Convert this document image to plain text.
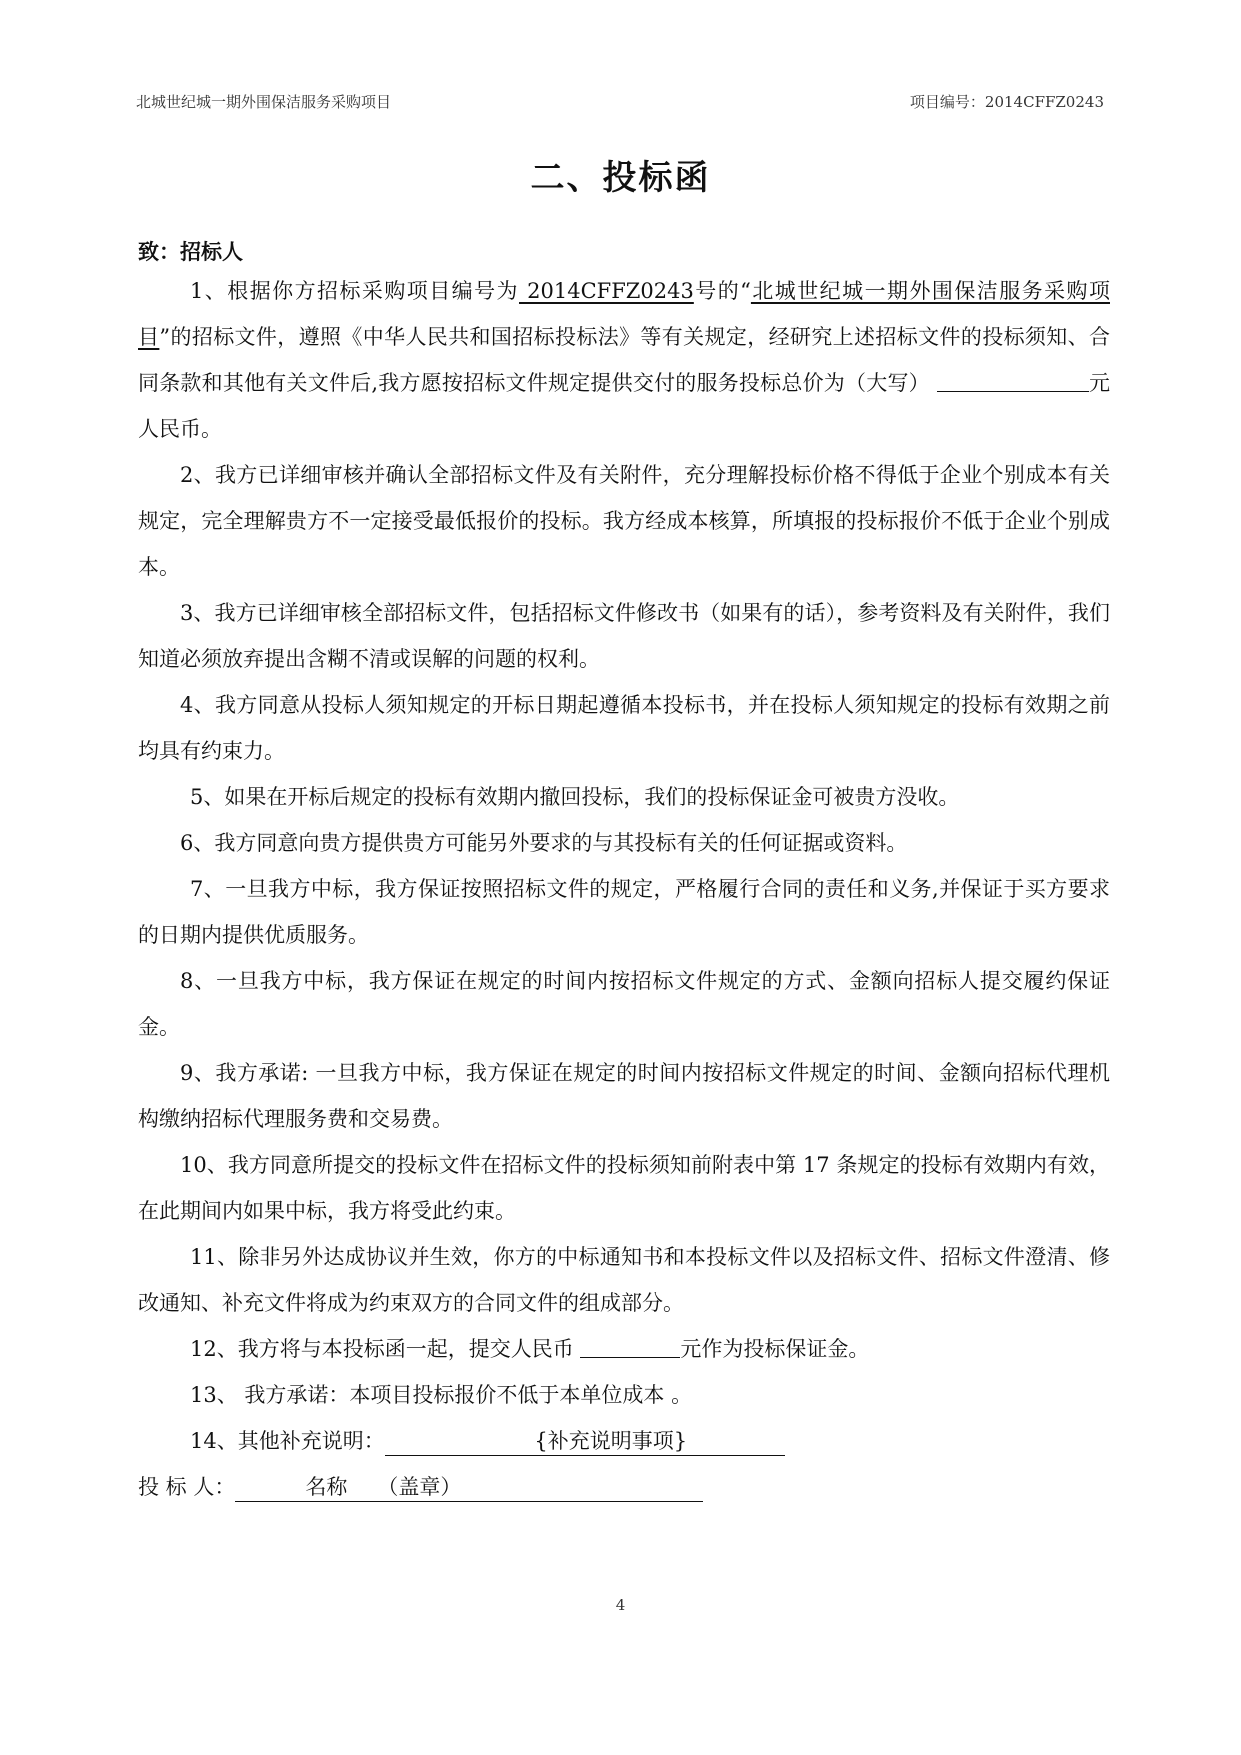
北城世纪城一期外围保洁服务采购项目	项目编号：2014CFFZ0243
二、投标函
致：招标人

1、根据你方招标采购项目编号为 2014CFFZ0243号的“北城世纪城一期外围保洁服务采购项目”的招标文件，遵照《中华人民共和国招标投标法》等有关规定，经研究上述招标文件的投标须知、合同条款和其他有关文件后,我方愿按招标文件规定提供交付的服务投标总价为（大写）	元人民币。

2、我方已详细审核并确认全部招标文件及有关附件，充分理解投标价格不得低于企业个别成本有关规定，完全理解贵方不一定接受最低报价的投标。我方经成本核算，所填报的投标报价不低于企业个别成本。

3、我方已详细审核全部招标文件，包括招标文件修改书（如果有的话），参考资料及有关附件，我们知道必须放弃提出含糊不清或误解的问题的权利。

4、我方同意从投标人须知规定的开标日期起遵循本投标书，并在投标人须知规定的投标有效期之前均具有约束力。

5、如果在开标后规定的投标有效期内撤回投标，我们的投标保证金可被贵方没收。

6、我方同意向贵方提供贵方可能另外要求的与其投标有关的任何证据或资料。

7、一旦我方中标，我方保证按照招标文件的规定，严格履行合同的责任和义务,并保证于买方要求的日期内提供优质服务。

8、一旦我方中标，我方保证在规定的时间内按招标文件规定的方式、金额向招标人提交履约保证金。

9、我方承诺: 一旦我方中标，我方保证在规定的时间内按招标文件规定的时间、金额向招标代理机构缴纳招标代理服务费和交易费。

10、我方同意所提交的投标文件在招标文件的投标须知前附表中第 17 条规定的投标有效期内有效，在此期间内如果中标，我方将受此约束。

11、除非另外达成协议并生效，你方的中标通知书和本投标文件以及招标文件、招标文件澄清、修改通知、补充文件将成为约束双方的合同文件的组成部分。

12、我方将与本投标函一起，提交人民币	元作为投标保证金。

13、 我方承诺：本项目投标报价不低于本单位成本 。

14、其他补充说明：	{补充说明事项}

投 标 人：	名称 （盖章）

4
